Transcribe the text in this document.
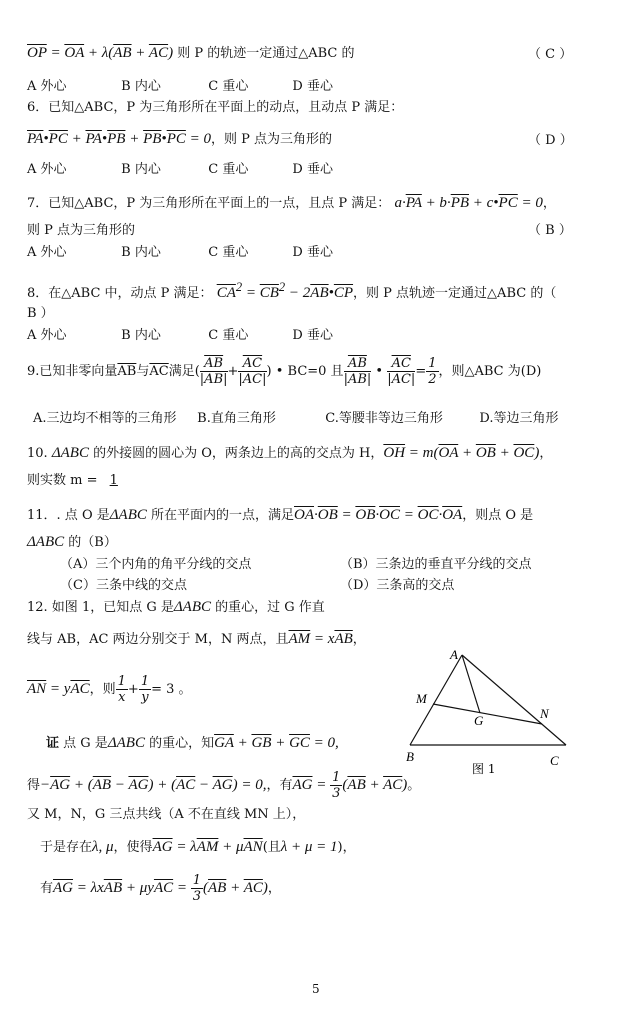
$\overline{OP} = \overline{OA} + \lambda(\overline{AB} + \overline{AC})$ 则 P 的轨迹一定通过△ABC 的	（ C ）
A 外心	B 内心	C 重心	D 垂心
6．已知△ABC，P 为三角形所在平面上的动点，且动点 P 满足：
$\overline{PA}•\overline{PC}$ + $\overline{PA}•\overline{PB}$ + $\overline{PB}•\overline{PC} = 0$，则 P 点为三角形的	（ D ）
A 外心	B 内心	C 重心	D 垂心
7．已知△ABC，P 为三角形所在平面上的一点，且点 P 满足： $a\cdot\overline{PA} + b\cdot\overline{PB}$ + $c•\overline{PC} = 0$，
则 P 点为三角形的	（ B ）
A 外心	B 内心	C 重心	D 垂心
8．在△ABC 中，动点 P 满足： $\overline{CA}^2 = \overline{CB}^2$ − $2\overline{AB}•\overline{CP}$，则 P 点轨迹一定通过△ABC 的（
B ）
A 外心	B 内心	C 重心	D 垂心
9.已知非零向量$\overline{AB}$与$\overline{AC}$满足( $\frac{\overline{AB}}{|AB|} + \frac{\overline{AC}}{|AC|}$ ) • BC=0 且 $\frac{\overline{AB}}{|AB|}$ • $\frac{\overline{AC}}{|AC|} = \frac{1}{2}$ ，则△ABC 为(D)
A.三边均不相等的三角形 B.直角三角形	C.等腰非等边三角形	D.等边三角形
10. ΔABC 的外接圆的圆心为 O，两条边上的高的交点为 H，$\overline{OH} = m(\overline{OA} + \overline{OB} + \overline{OC})$，
则实数 m = 1
11．. 点 O 是ΔABC 所在平面内的一点，满足$\overline{OA}\cdot\overline{OB} = \overline{OB}\cdot\overline{OC} = \overline{OC}\cdot\overline{OA}$，则点 O 是
ΔABC 的（B）
（A）三个内角的角平分线的交点	（B）三条边的垂直平分线的交点
（C）三条中线的交点	（D）三条高的交点
12. 如图 1，已知点 G 是ΔABC 的重心，过 G 作直
线与 AB，AC 两边分别交于 M，N 两点，且$\overline{AM} = x\overline{AB}$，
$\overline{AN} = y\overline{AC}$，则 $\frac{1}{x} + \frac{1}{y} = 3$ 。
证 点 G 是ΔABC 的重心，知$\overline{GA} + \overline{GB} + \overline{GC} = 0$,
得$-\overline{AG} + (\overline{AB} - \overline{AG}) + (\overline{AC} - \overline{AG}) = 0$,，有$\overline{AG} = \frac{1}{3} (\overline{AB} + \overline{AC})$。
又 M，N，G 三点共线（A 不在直线 MN 上），
于是存在λ, μ，使得$\overline{AG} = \lambda\overline{AM} + \mu\overline{AN}$(且λ + μ = 1)，
有$\overline{AG} = \lambda x\overline{AB} + \mu y\overline{AC} = \frac{1}{3} (\overline{AB} + \overline{AC})$，
A
M
G	N
B	C
图 1
5
